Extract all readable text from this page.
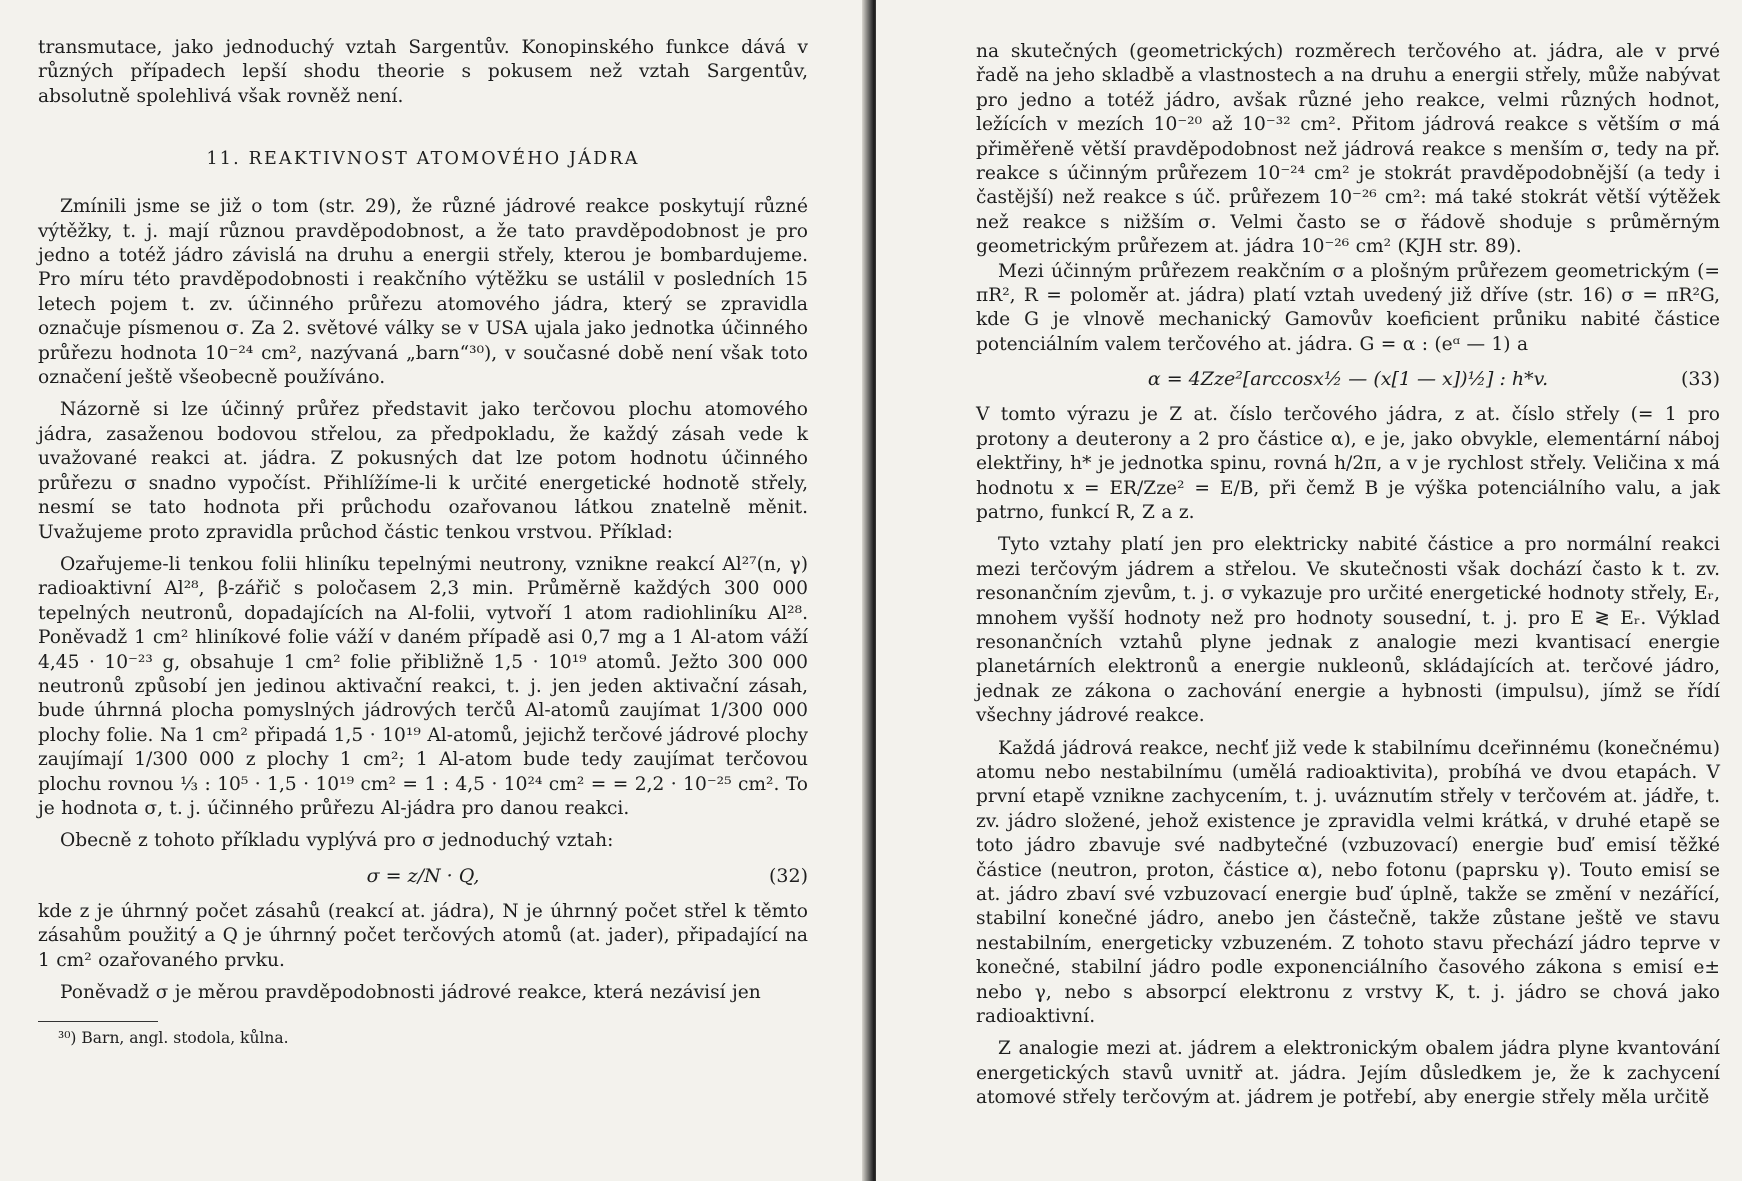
transmutace, jako jednoduchý vztah Sargentův. Konopinského funkce dává v různých případech lepší shodu theorie s pokusem než vztah Sargentův, absolutně spolehlivá však rovněž není.

11. REAKTIVNOST ATOMOVÉHO JÁDRA

Zmínili jsme se již o tom (str. 29), že různé jádrové reakce poskytují různé výtěžky, t. j. mají různou pravděpodobnost, a že tato pravděpodobnost je pro jedno a totéž jádro závislá na druhu a energii střely, kterou je bombardujeme. Pro míru této pravděpodobnosti i reakčního výtěžku se ustálil v posledních 15 letech pojem t. zv. účinného průřezu atomového jádra, který se zpravidla označuje písmenou σ. Za 2. světové války se v USA ujala jako jednotka účinného průřezu hodnota 10⁻²⁴ cm², nazývaná „barn“³⁰), v současné době není však toto označení ještě všeobecně používáno.

Názorně si lze účinný průřez představit jako terčovou plochu atomového jádra, zasaženou bodovou střelou, za předpokladu, že každý zásah vede k uvažované reakci at. jádra. Z pokusných dat lze potom hodnotu účinného průřezu σ snadno vypočíst. Přihlížíme-li k určité energetické hodnotě střely, nesmí se tato hodnota při průchodu ozařovanou látkou znatelně měnit. Uvažujeme proto zpravidla průchod částic tenkou vrstvou. Příklad:

Ozařujeme-li tenkou folii hliníku tepelnými neutrony, vznikne reakcí Al²⁷(n, γ) radioaktivní Al²⁸, β-zářič s poločasem 2,3 min. Průměrně každých 300 000 tepelných neutronů, dopadajících na Al-folii, vytvoří 1 atom radiohliníku Al²⁸. Poněvadž 1 cm² hliníkové folie váží v daném případě asi 0,7 mg a 1 Al-atom váží 4,45 · 10⁻²³ g, obsahuje 1 cm² folie přibližně 1,5 · 10¹⁹ atomů. Ježto 300 000 neutronů způsobí jen jedinou aktivační reakci, t. j. jen jeden aktivační zásah, bude úhrnná plocha pomyslných jádrových terčů Al-atomů zaujímat 1/300 000 plochy folie. Na 1 cm² připadá 1,5 · 10¹⁹ Al-atomů, jejichž terčové jádrové plochy zaujímají 1/300 000 z plochy 1 cm²; 1 Al-atom bude tedy zaujímat terčovou plochu rovnou ⅓ : 10⁵ · 1,5 · 10¹⁹ cm² = 1 : 4,5 · 10²⁴ cm² = = 2,2 · 10⁻²⁵ cm². To je hodnota σ, t. j. účinného průřezu Al-jádra pro danou reakci.

Obecně z tohoto příkladu vyplývá pro σ jednoduchý vztah:

σ = z/N · Q,	(32)

kde z je úhrnný počet zásahů (reakcí at. jádra), N je úhrnný počet střel k těmto zásahům použitý a Q je úhrnný počet terčových atomů (at. jader), připadající na 1 cm² ozařovaného prvku.

Poněvadž σ je měrou pravděpodobnosti jádrové reakce, která nezávisí jen

³⁰) Barn, angl. stodola, kůlna.

na skutečných (geometrických) rozměrech terčového at. jádra, ale v prvé řadě na jeho skladbě a vlastnostech a na druhu a energii střely, může nabývat pro jedno a totéž jádro, avšak různé jeho reakce, velmi různých hodnot, ležících v mezích 10⁻²⁰ až 10⁻³² cm². Přitom jádrová reakce s větším σ má přiměřeně větší pravděpodobnost než jádrová reakce s menším σ, tedy na př. reakce s účinným průřezem 10⁻²⁴ cm² je stokrát pravděpodobnější (a tedy i častější) než reakce s úč. průřezem 10⁻²⁶ cm²: má také stokrát větší výtěžek než reakce s nižším σ. Velmi často se σ řádově shoduje s průměrným geometrickým průřezem at. jádra 10⁻²⁶ cm² (KJH str. 89).

Mezi účinným průřezem reakčním σ a plošným průřezem geometrickým (= πR², R = poloměr at. jádra) platí vztah uvedený již dříve (str. 16) σ = πR²G, kde G je vlnově mechanický Gamovův koeficient průniku nabité částice potenciálním valem terčového at. jádra. G = α : (eᵅ — 1) a

α = 4Zze²[arccosx½ — (x[1 — x])½] : h*v.	(33)

V tomto výrazu je Z at. číslo terčového jádra, z at. číslo střely (= 1 pro protony a deuterony a 2 pro částice α), e je, jako obvykle, elementární náboj elektřiny, h* je jednotka spinu, rovná h/2π, a v je rychlost střely. Veličina x má hodnotu x = ER/Zze² = E/B, při čemž B je výška potenciálního valu, a jak patrno, funkcí R, Z a z.

Tyto vztahy platí jen pro elektricky nabité částice a pro normální reakci mezi terčovým jádrem a střelou. Ve skutečnosti však dochází často k t. zv. resonančním zjevům, t. j. σ vykazuje pro určité energetické hodnoty střely, Eᵣ, mnohem vyšší hodnoty než pro hodnoty sousední, t. j. pro E ≷ Eᵣ. Výklad resonančních vztahů plyne jednak z analogie mezi kvantisací energie planetárních elektronů a energie nukleonů, skládajících at. terčové jádro, jednak ze zákona o zachování energie a hybnosti (impulsu), jímž se řídí všechny jádrové reakce.

Každá jádrová reakce, nechť již vede k stabilnímu dceřinnému (konečnému) atomu nebo nestabilnímu (umělá radioaktivita), probíhá ve dvou etapách. V první etapě vznikne zachycením, t. j. uváznutím střely v terčovém at. jádře, t. zv. jádro složené, jehož existence je zpravidla velmi krátká, v druhé etapě se toto jádro zbavuje své nadbytečné (vzbuzovací) energie buď emisí těžké částice (neutron, proton, částice α), nebo fotonu (paprsku γ). Touto emisí se at. jádro zbaví své vzbuzovací energie buď úplně, takže se změní v nezářící, stabilní konečné jádro, anebo jen částečně, takže zůstane ještě ve stavu nestabilním, energeticky vzbuzeném. Z tohoto stavu přechází jádro teprve v konečné, stabilní jádro podle exponenciálního časového zákona s emisí e± nebo γ, nebo s absorpcí elektronu z vrstvy K, t. j. jádro se chová jako radioaktivní.

Z analogie mezi at. jádrem a elektronickým obalem jádra plyne kvantování energetických stavů uvnitř at. jádra. Jejím důsledkem je, že k zachycení atomové střely terčovým at. jádrem je potřebí, aby energie střely měla určitě
